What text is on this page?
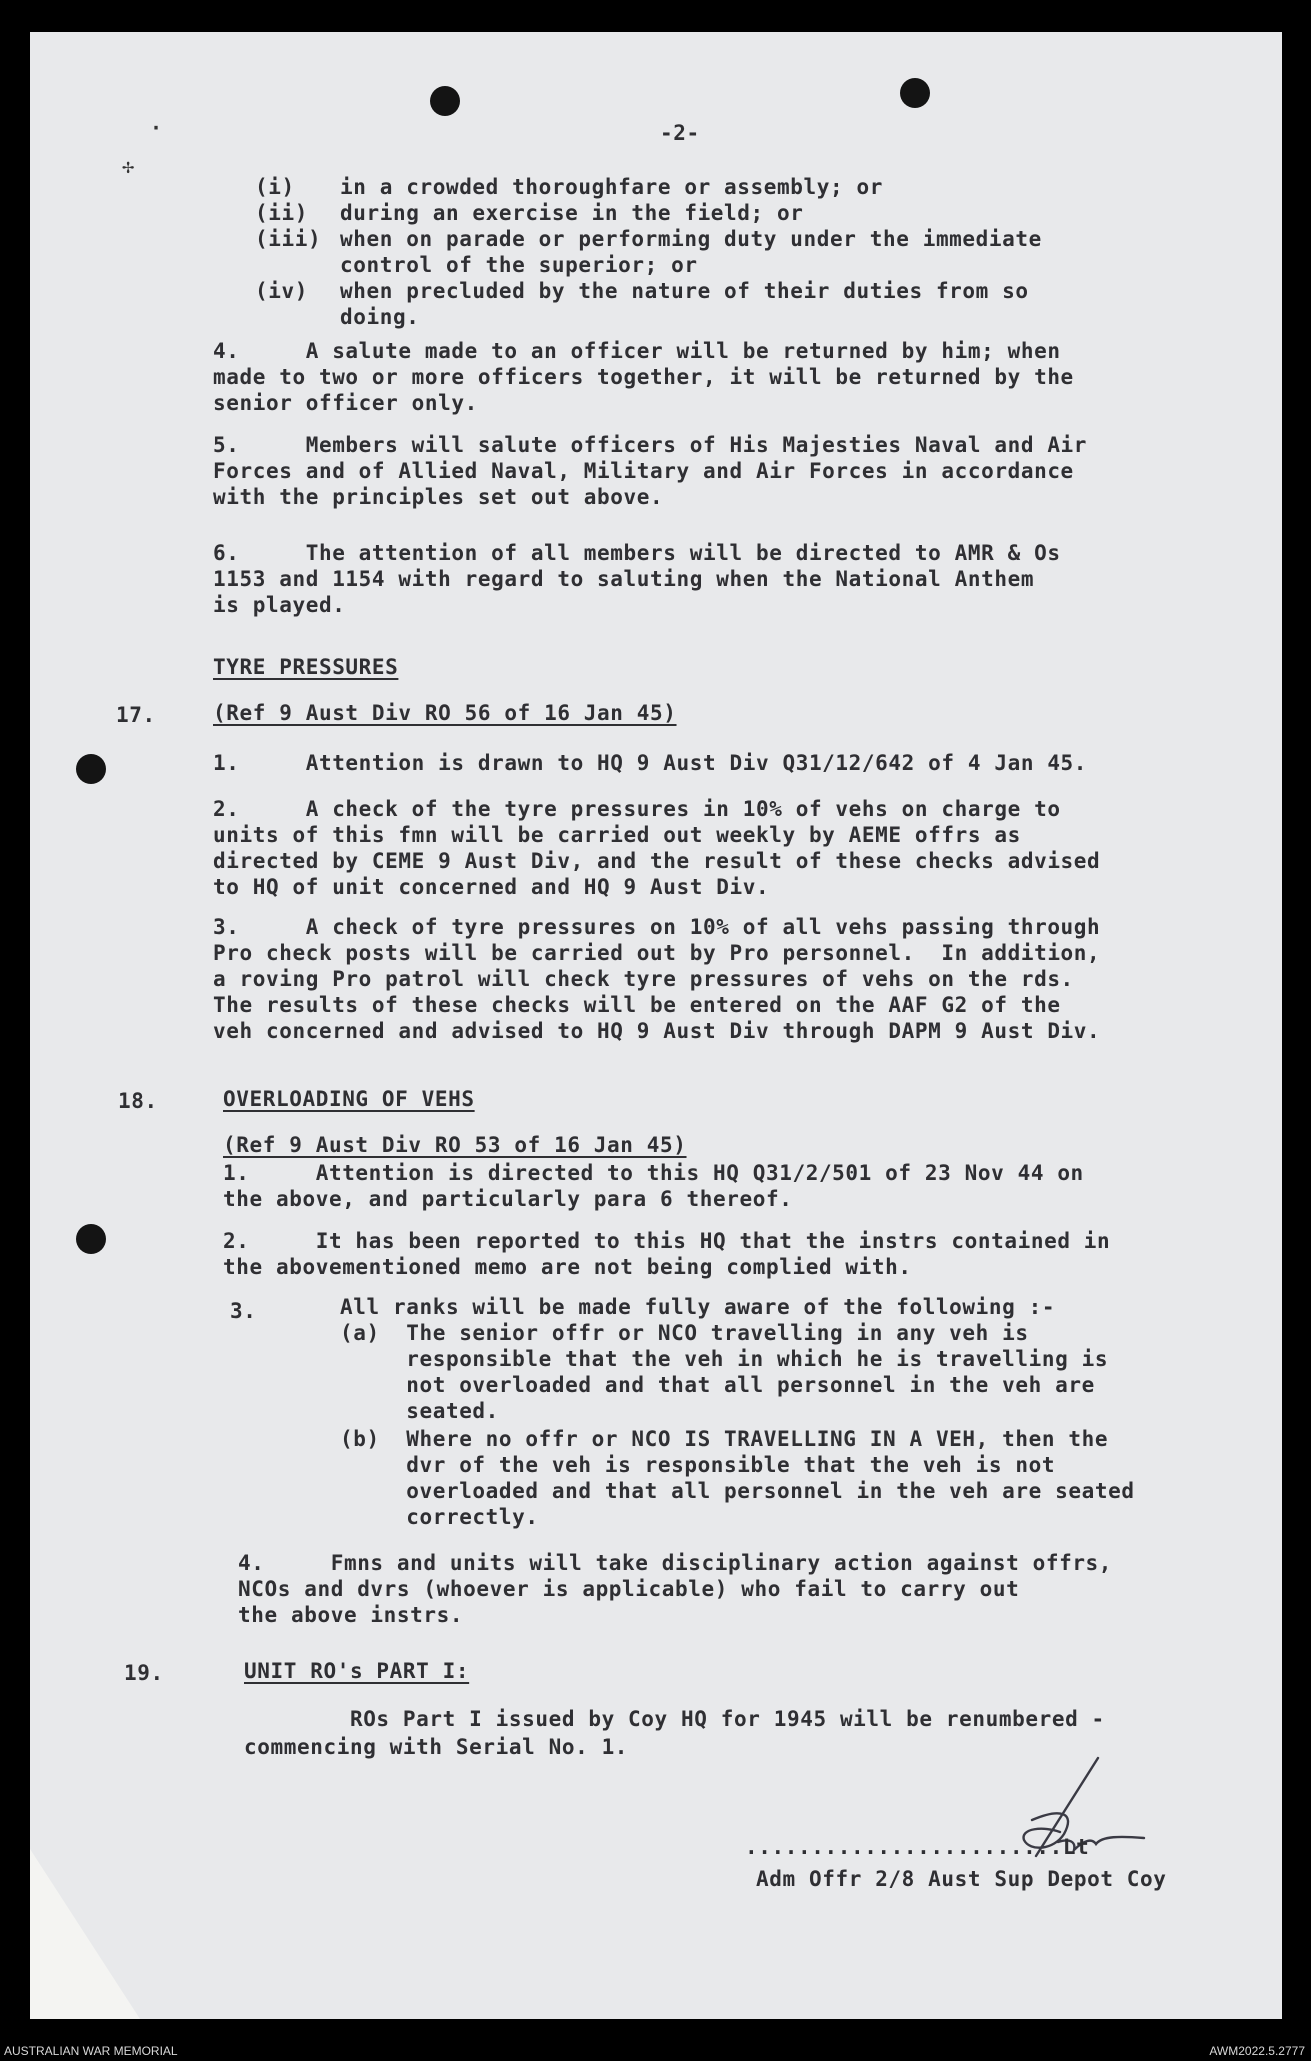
·
✢
-2-
(i) in a crowded thoroughfare or assembly; or
(ii) during an exercise in the field; or
(iii) when on parade or performing duty under the immediate
control of the superior; or
(iv) when precluded by the nature of their duties from so
doing.
4.     A salute made to an officer will be returned by him; when
made to two or more officers together, it will be returned by the
senior officer only.
5.     Members will salute officers of His Majesties Naval and Air
Forces and of Allied Naval, Military and Air Forces in accordance
with the principles set out above.
6.     The attention of all members will be directed to AMR & Os
1153 and 1154 with regard to saluting when the National Anthem
is played.
TYRE PRESSURES
17.	(Ref 9 Aust Div RO 56 of 16 Jan 45)
1.     Attention is drawn to HQ 9 Aust Div Q31/12/642 of 4 Jan 45.
2.     A check of the tyre pressures in 10% of vehs on charge to
units of this fmn will be carried out weekly by AEME offrs as
directed by CEME 9 Aust Div, and the result of these checks advised
to HQ of unit concerned and HQ 9 Aust Div.
3.     A check of tyre pressures on 10% of all vehs passing through
Pro check posts will be carried out by Pro personnel.  In addition,
a roving Pro patrol will check tyre pressures of vehs on the rds.
The results of these checks will be entered on the AAF G2 of the
veh concerned and advised to HQ 9 Aust Div through DAPM 9 Aust Div.
18.	OVERLOADING OF VEHS
(Ref 9 Aust Div RO 53 of 16 Jan 45)
1.     Attention is directed to this HQ Q31/2/501 of 23 Nov 44 on
the above, and particularly para 6 thereof.
2.     It has been reported to this HQ that the instrs contained in
the abovementioned memo are not being complied with.
3.	All ranks will be made fully aware of the following :-
(a)  The senior offr or NCO travelling in any veh is
responsible that the veh in which he is travelling is
not overloaded and that all personnel in the veh are
seated.
(b)  Where no offr or NCO IS TRAVELLING IN A VEH, then the
dvr of the veh is responsible that the veh is not
overloaded and that all personnel in the veh are seated
correctly.
4.     Fmns and units will take disciplinary action against offrs,
NCOs and dvrs (whoever is applicable) who fail to carry out
the above instrs.
19.	UNIT RO's PART I:
ROs Part I issued by Coy HQ for 1945 will be renumbered -
commencing with Serial No. 1.
........................Lt
Adm Offr 2/8 Aust Sup Depot Coy
AUSTRALIAN WAR MEMORIAL	AWM2022.5.2777
